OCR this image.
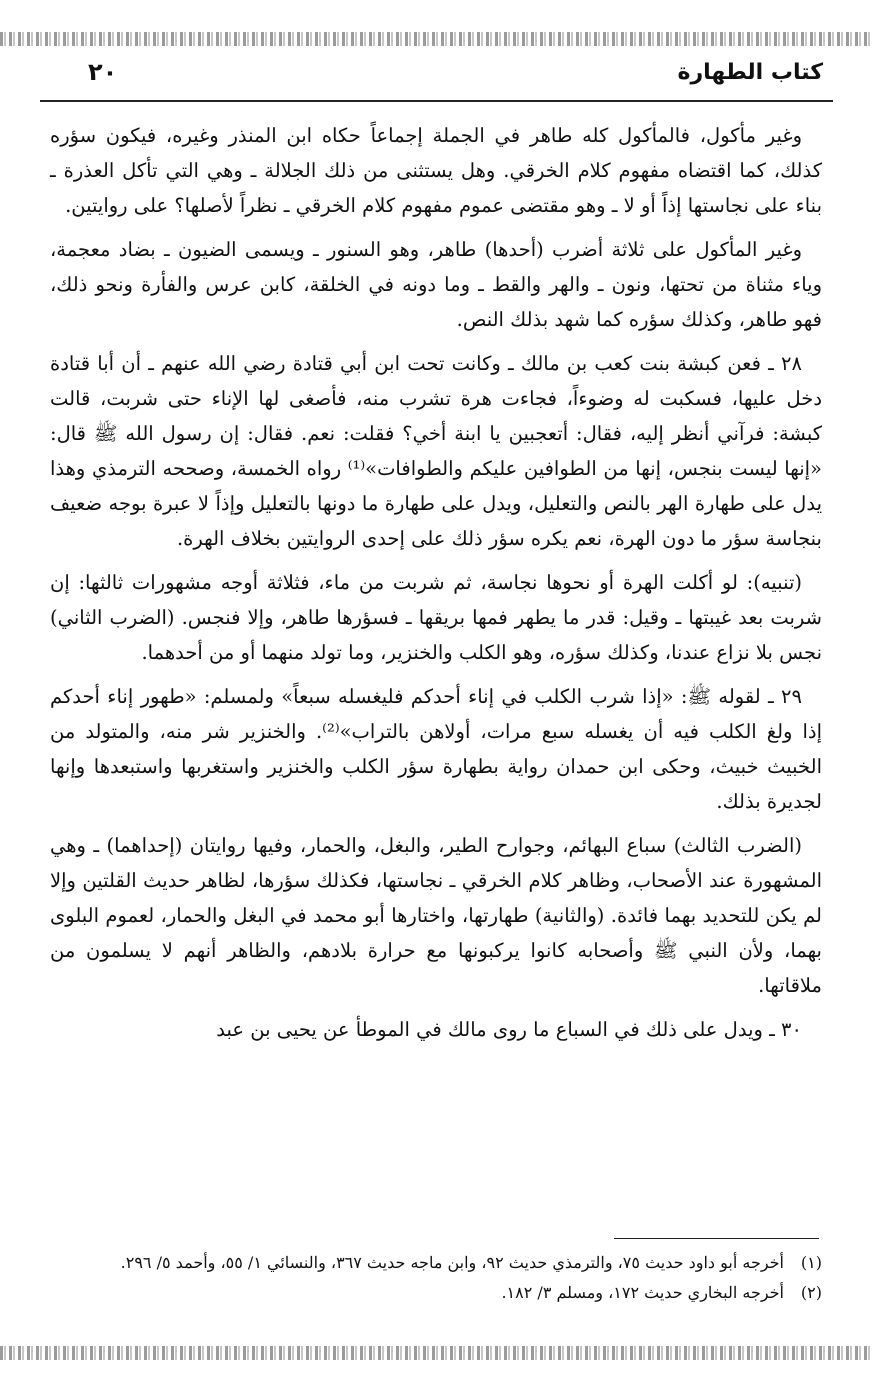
كتاب الطهارة
٢٠

وغير مأكول، فالمأكول كله طاهر في الجملة إجماعاً حكاه ابن المنذر وغيره، فيكون سؤره كذلك، كما اقتضاه مفهوم كلام الخرقي. وهل يستثنى من ذلك الجلالة ـ وهي التي تأكل العذرة ـ بناء على نجاستها إذاً أو لا ـ وهو مقتضى عموم مفهوم كلام الخرقي ـ نظراً لأصلها؟ على روايتين.

وغير المأكول على ثلاثة أضرب (أحدها) طاهر، وهو السنور ـ ويسمى الضيون ـ بضاد معجمة، وياء مثناة من تحتها، ونون ـ والهر والقط ـ وما دونه في الخلقة، كابن عرس والفأرة ونحو ذلك، فهو طاهر، وكذلك سؤره كما شهد بذلك النص.

٢٨ ـ فعن كبشة بنت كعب بن مالك ـ وكانت تحت ابن أبي قتادة رضي الله عنهم ـ أن أبا قتادة دخل عليها، فسكبت له وضوءاً، فجاءت هرة تشرب منه، فأصغى لها الإناء حتى شربت، قالت كبشة: فرآني أنظر إليه، فقال: أتعجبين يا ابنة أخي؟ فقلت: نعم. فقال: إن رسول الله ﷺ قال: «إنها ليست بنجس، إنها من الطوافين عليكم والطوافات»⁽¹⁾ رواه الخمسة، وصححه الترمذي وهذا يدل على طهارة الهر بالنص والتعليل، ويدل على طهارة ما دونها بالتعليل وإذاً لا عبرة بوجه ضعيف بنجاسة سؤر ما دون الهرة، نعم يكره سؤر ذلك على إحدى الروايتين بخلاف الهرة.

(تنبيه): لو أكلت الهرة أو نحوها نجاسة، ثم شربت من ماء، فثلاثة أوجه مشهورات ثالثها: إن شربت بعد غيبتها ـ وقيل: قدر ما يطهر فمها بريقها ـ فسؤرها طاهر، وإلا فنجس. (الضرب الثاني) نجس بلا نزاع عندنا، وكذلك سؤره، وهو الكلب والخنزير، وما تولد منهما أو من أحدهما.

٢٩ ـ لقوله ﷺ: «إذا شرب الكلب في إناء أحدكم فليغسله سبعاً» ولمسلم: «طهور إناء أحدكم إذا ولغ الكلب فيه أن يغسله سبع مرات، أولاهن بالتراب»⁽²⁾. والخنزير شر منه، والمتولد من الخبيث خبيث، وحكى ابن حمدان رواية بطهارة سؤر الكلب والخنزير واستغربها واستبعدها وإنها لجديرة بذلك.

(الضرب الثالث) سباع البهائم، وجوارح الطير، والبغل، والحمار، وفيها روايتان (إحداهما) ـ وهي المشهورة عند الأصحاب، وظاهر كلام الخرقي ـ نجاستها، فكذلك سؤرها، لظاهر حديث القلتين وإلا لم يكن للتحديد بهما فائدة. (والثانية) طهارتها، واختارها أبو محمد في البغل والحمار، لعموم البلوى بهما، ولأن النبي ﷺ وأصحابه كانوا يركبونها مع حرارة بلادهم، والظاهر أنهم لا يسلمون من ملاقاتها.

٣٠ ـ ويدل على ذلك في السباع ما روى مالك في الموطأ عن يحيى بن عبد

(١)
أخرجه أبو داود حديث ٧٥، والترمذي حديث ٩٢، وابن ماجه حديث ٣٦٧، والنسائي ١/ ٥٥، وأحمد ٥/ ٢٩٦.
(٢)
أخرجه البخاري حديث ١٧٢، ومسلم ٣/ ١٨٢.
